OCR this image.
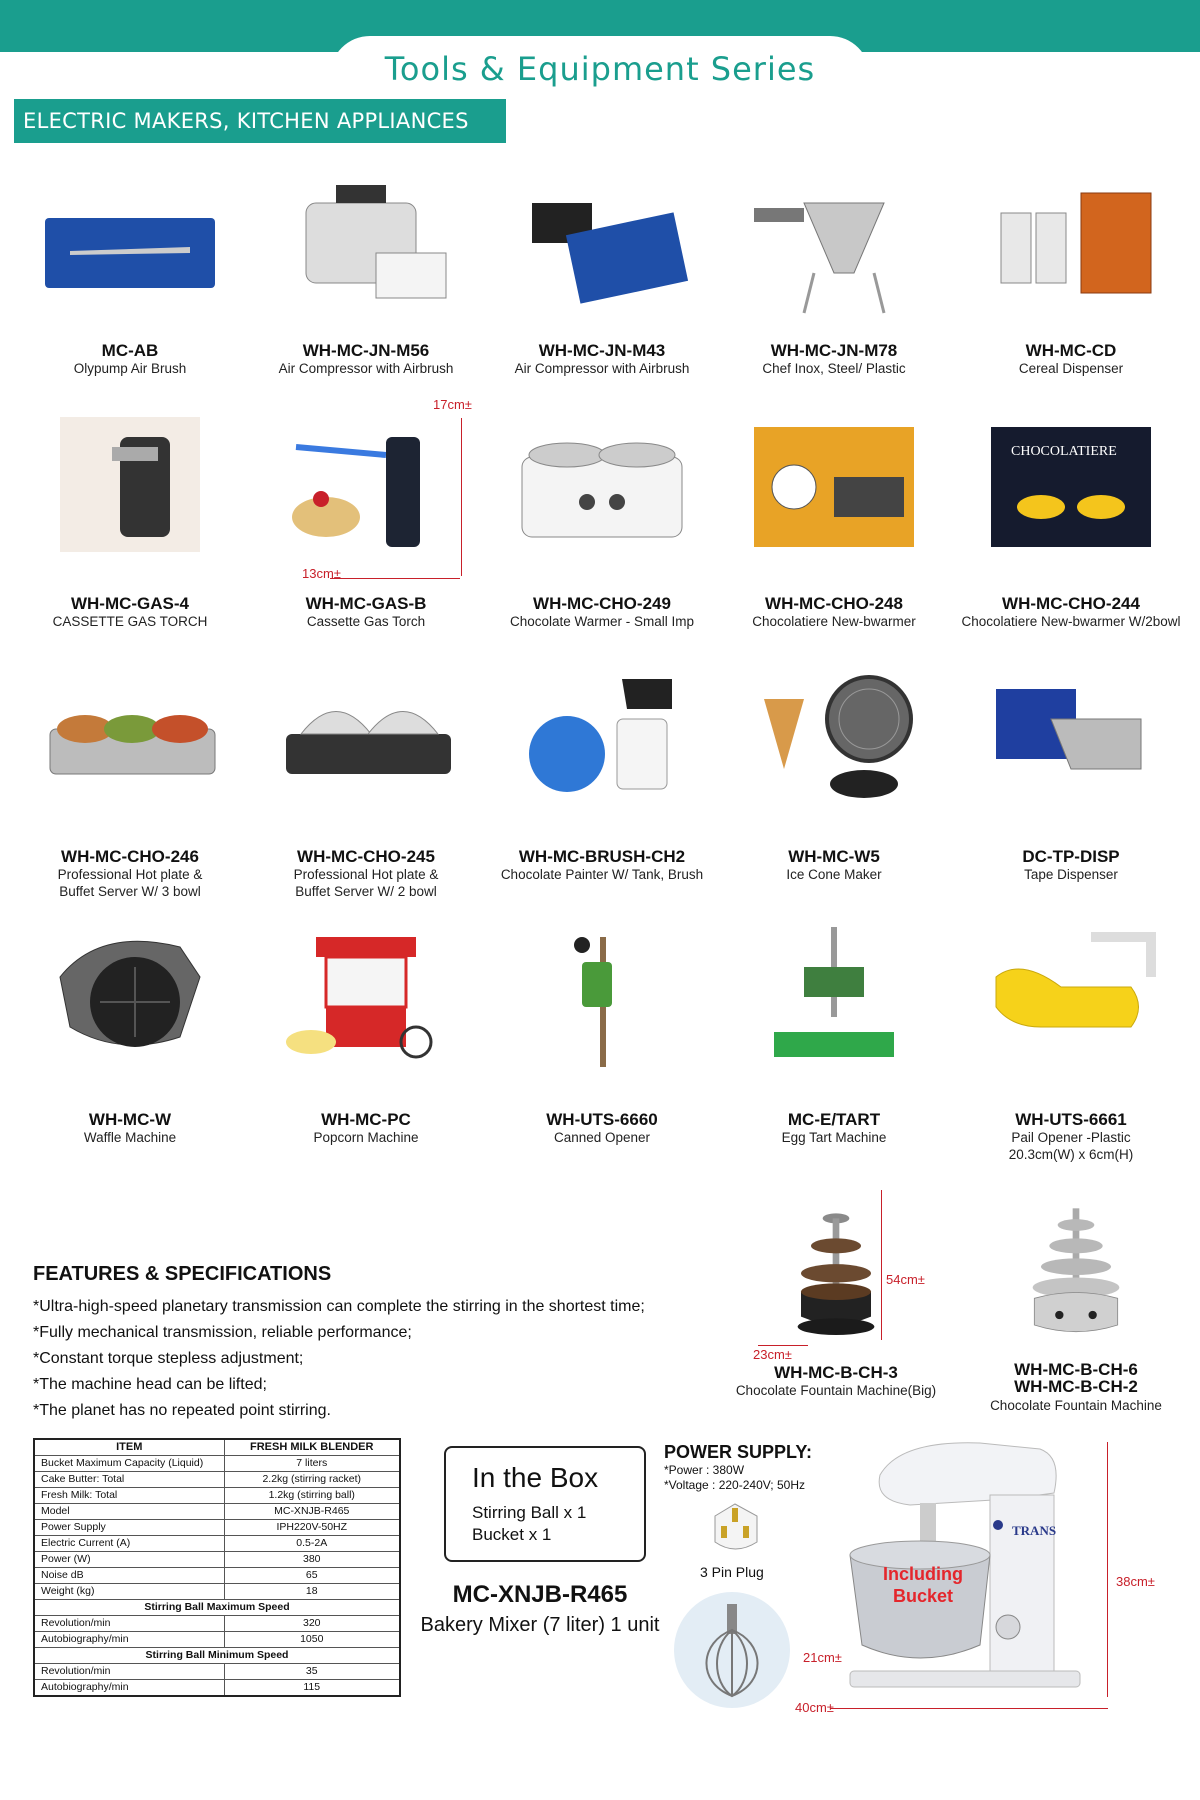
Tools & Equipment Series
ELECTRIC MAKERS, KITCHEN APPLIANCES
MC-AB
Olypump Air Brush
WH-MC-JN-M56
Air Compressor with Airbrush
WH-MC-JN-M43
Air Compressor with Airbrush
WH-MC-JN-M78
Chef Inox, Steel/ Plastic
WH-MC-CD
Cereal Dispenser
WH-MC-GAS-4
CASSETTE GAS TORCH
WH-MC-GAS-B
Cassette Gas Torch
WH-MC-CHO-249
Chocolate Warmer - Small Imp
WH-MC-CHO-248
Chocolatiere New-bwarmer
CHOCOLATIERE
WH-MC-CHO-244
Chocolatiere New-bwarmer W/2bowl
WH-MC-CHO-246
Professional Hot plate &
Buffet Server W/ 3 bowl
WH-MC-CHO-245
Professional Hot plate &
Buffet Server W/ 2 bowl
WH-MC-BRUSH-CH2
Chocolate Painter W/ Tank, Brush
WH-MC-W5
Ice Cone Maker
DC-TP-DISP
Tape Dispenser
WH-MC-W
Waffle Machine
WH-MC-PC
Popcorn Machine
WH-UTS-6660
Canned Opener
MC-E/TART
Egg Tart Machine
WH-UTS-6661
Pail Opener -Plastic
20.3cm(W) x 6cm(H)
17cm±
13cm±
WH-MC-B-CH-3
Chocolate Fountain Machine(Big)
54cm±
23cm±
WH-MC-B-CH-6
WH-MC-B-CH-2
Chocolate Fountain Machine
FEATURES & SPECIFICATIONS
*Ultra-high-speed planetary transmission can complete the stirring in the shortest time;
*Fully mechanical transmission, reliable performance;
*Constant torque stepless adjustment;
*The machine head can be lifted;
*The planet has no repeated point stirring.
ITEM	FRESH MILK BLENDER
Bucket Maximum Capacity (Liquid)	7 liters
Cake Butter: Total	2.2kg (stirring racket)
Fresh Milk: Total	1.2kg (stirring ball)
Model	MC-XNJB-R465
Power Supply	IPH220V-50HZ
Electric Current (A)	0.5-2A
Power (W)	380
Noise dB	65
Weight (kg)	18
Stirring Ball Maximum Speed	
Revolution/min	320
Autobiography/min	1050
Stirring Ball Minimum Speed	
Revolution/min	35
Autobiography/min	115
In the Box
Stirring Ball x 1
Bucket x 1
MC-XNJB-R465
Bakery Mixer (7 liter) 1 unit
POWER SUPPLY:
*Power : 380W
*Voltage : 220-240V; 50Hz
3 Pin Plug
TRANS
Including
Bucket
38cm±
21cm±
40cm±
